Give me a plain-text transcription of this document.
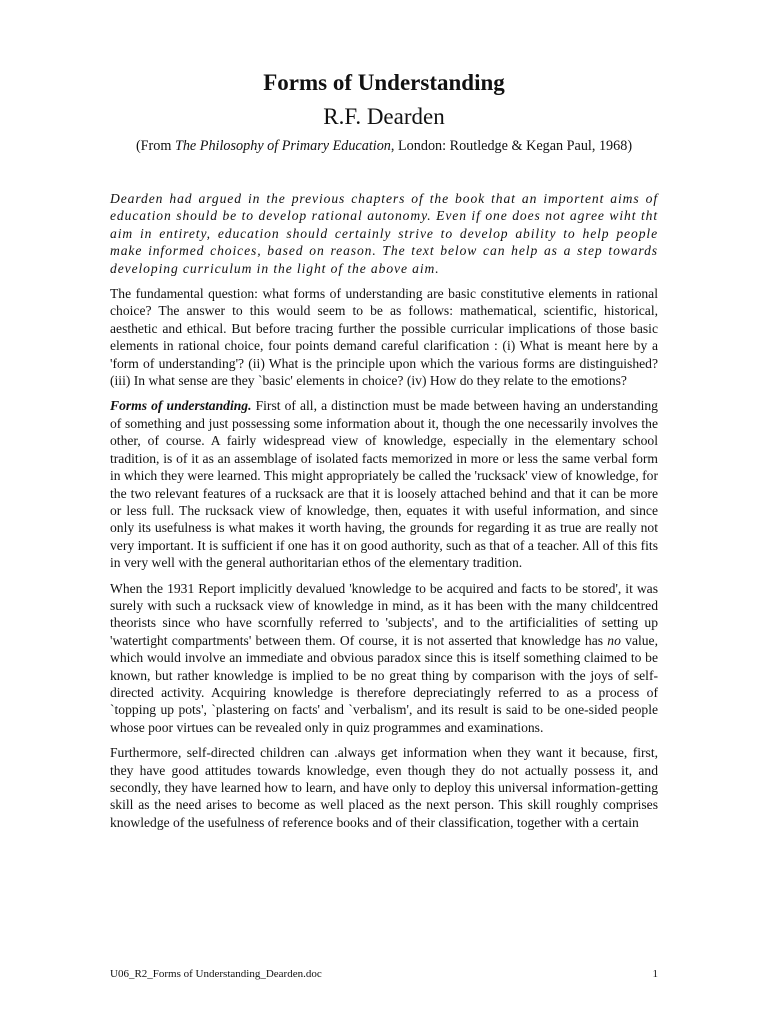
Forms of Understanding
R.F. Dearden
(From The Philosophy of Primary Education, London: Routledge & Kegan Paul, 1968)

Dearden had argued in the previous chapters of the book that an importent aims of education should be to develop rational autonomy. Even if one does not agree wiht tht aim in entirety, education should certainly strive to develop ability to help people make informed choices, based on reason. The text below can help as a step towards developing curriculum in the light of the above aim.

The fundamental question: what forms of understanding are basic constitutive elements in rational choice? The answer to this would seem to be as follows: mathematical, scientific, historical, aesthetic and ethical. But before tracing further the possible curricular implications of those basic elements in rational choice, four points demand careful clarification : (i) What is meant here by a 'form of understanding'? (ii) What is the principle upon which the various forms are distinguished? (iii) In what sense are they `basic' elements in choice? (iv) How do they relate to the emotions?

Forms of understanding. First of all, a distinction must be made between having an understanding of something and just possessing some information about it, though the one necessarily involves the other, of course. A fairly widespread view of knowledge, especially in the elementary school tradition, is of it as an assemblage of isolated facts memorized in more or less the same verbal form in which they were learned. This might appropriately be called the 'rucksack' view of knowledge, for the two relevant features of a rucksack are that it is loosely attached behind and that it can be more or less full. The rucksack view of knowledge, then, equates it with useful information, and since only its usefulness is what makes it worth having, the grounds for regarding it as true are really not very important. It is sufficient if one has it on good authority, such as that of a teacher. All of this fits in very well with the general authoritarian ethos of the elementary tradition.

When the 1931 Report implicitly devalued 'knowledge to be acquired and facts to be stored', it was surely with such a rucksack view of knowledge in mind, as it has been with the many childcentred theorists since who have scornfully referred to 'subjects', and to the artificialities of setting up 'watertight compartments' between them. Of course, it is not asserted that knowledge has no value, which would involve an immediate and obvious paradox since this is itself something claimed to be known, but rather knowledge is implied to be no great thing by comparison with the joys of self-directed activity. Acquiring knowledge is therefore depreciatingly referred to as a process of `topping up pots', `plastering on facts' and `verbalism', and its result is said to be one-sided people whose poor virtues can be revealed only in quiz programmes and examinations.

Furthermore, self-directed children can .always get information when they want it because, first, they have good attitudes towards knowledge, even though they do not actually possess it, and secondly, they have learned how to learn, and have only to deploy this universal information-getting skill as the need arises to become as well placed as the next person. This skill roughly comprises knowledge of the usefulness of reference books and of their classification, together with a certain

U06_R2_Forms of Understanding_Dearden.doc	1
